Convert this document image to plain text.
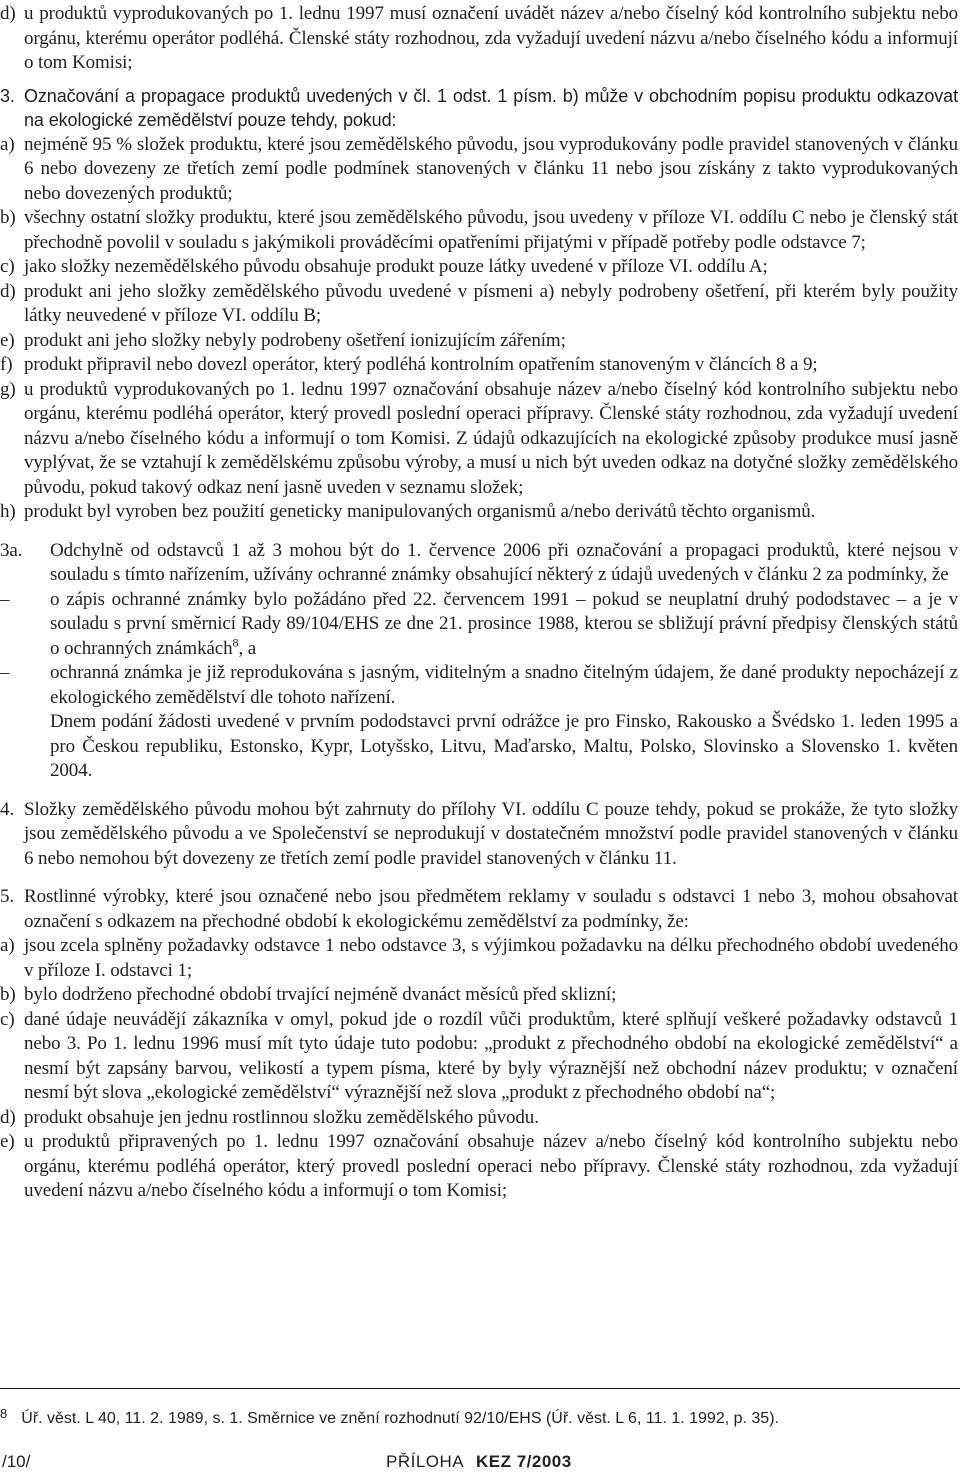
d) u produktů vyprodukovaných po 1. lednu 1997 musí označení uvádět název a/nebo číselný kód kontrolního subjektu nebo orgánu, kterému operátor podléhá. Členské státy rozhodnou, zda vyžadují uvedení názvu a/nebo číselného kódu a informují o tom Komisi;

3. Označování a propagace produktů uvedených v čl. 1 odst. 1 písm. b) může v obchodním popisu produktu odkazovat na ekologické zemědělství pouze tehdy, pokud:

a) nejméně 95 % složek produktu, které jsou zemědělského původu, jsou vyprodukovány podle pravidel stanovených v článku 6 nebo dovezeny ze třetích zemí podle podmínek stanovených v článku 11 nebo jsou získány z takto vyprodukovaných nebo dovezených produktů;

b) všechny ostatní složky produktu, které jsou zemědělského původu, jsou uvedeny v příloze VI. oddílu C nebo je členský stát přechodně povolil v souladu s jakýmikoli prováděcími opatřeními přijatými v případě potřeby podle odstavce 7;

c) jako složky nezemědělského původu obsahuje produkt pouze látky uvedené v příloze VI. oddílu A;

d) produkt ani jeho složky zemědělského původu uvedené v písmeni a) nebyly podrobeny ošetření, při kterém byly použity látky neuvedené v příloze VI. oddílu B;

e) produkt ani jeho složky nebyly podrobeny ošetření ionizujícím zářením;

f) produkt připravil nebo dovezl operátor, který podléhá kontrolním opatřením stanoveným v článcích 8 a 9;

g) u produktů vyprodukovaných po 1. lednu 1997 označování obsahuje název a/nebo číselný kód kontrolního subjektu nebo orgánu, kterému podléhá operátor, který provedl poslední operaci přípravy. Členské státy rozhodnou, zda vyžadují uvedení názvu a/nebo číselného kódu a informují o tom Komisi. Z údajů odkazujících na ekologické způsoby produkce musí jasně vyplývat, že se vztahují k zemědělskému způsobu výroby, a musí u nich být uveden odkaz na dotyčné složky zemědělského původu, pokud takový odkaz není jasně uveden v seznamu složek;

h) produkt byl vyroben bez použití geneticky manipulovaných organismů a/nebo derivátů těchto organismů.

3a. Odchylně od odstavců 1 až 3 mohou být do 1. července 2006 při označování a propagaci produktů, které nejsou v souladu s tímto nařízením, užívány ochranné známky obsahující některý z údajů uvedených v článku 2 za podmínky, že

– o zápis ochranné známky bylo požádáno před 22. červencem 1991 – pokud se neuplatní druhý pododstavec – a je v souladu s první směrnicí Rady 89/104/EHS ze dne 21. prosince 1988, kterou se sbližují právní předpisy členských států o ochranných známkách$^8$, a

– ochranná známka je již reprodukována s jasným, viditelným a snadno čitelným údajem, že dané produkty nepocházejí z ekologického zemědělství dle tohoto nařízení.

Dnem podání žádosti uvedené v prvním pododstavci první odrážce je pro Finsko, Rakousko a Švédsko 1. leden 1995 a pro Českou republiku, Estonsko, Kypr, Lotyšsko, Litvu, Maďarsko, Maltu, Polsko, Slovinsko a Slovensko 1. květen 2004.

4. Složky zemědělského původu mohou být zahrnuty do přílohy VI. oddílu C pouze tehdy, pokud se prokáže, že tyto složky jsou zemědělského původu a ve Společenství se neprodukují v dostatečném množství podle pravidel stanovených v článku 6 nebo nemohou být dovezeny ze třetích zemí podle pravidel stanovených v článku 11.

5. Rostlinné výrobky, které jsou označené nebo jsou předmětem reklamy v souladu s odstavci 1 nebo 3, mohou obsahovat označení s odkazem na přechodné období k ekologickému zemědělství za podmínky, že:

a) jsou zcela splněny požadavky odstavce 1 nebo odstavce 3, s výjimkou požadavku na délku přechodného období uvedeného v příloze I. odstavci 1;

b) bylo dodrženo přechodné období trvající nejméně dvanáct měsíců před sklizní;

c) dané údaje neuvádějí zákazníka v omyl, pokud jde o rozdíl vůči produktům, které splňují veškeré požadavky odstavců 1 nebo 3. Po 1. lednu 1996 musí mít tyto údaje tuto podobu: „produkt z přechodného období na ekologické zemědělství“ a nesmí být zapsány barvou, velikostí a typem písma, které by byly výraznější než obchodní název produktu; v označení nesmí být slova „ekologické zemědělství“ výraznější než slova „produkt z přechodného období na“;

d) produkt obsahuje jen jednu rostlinnou složku zemědělského původu.

e) u produktů připravených po 1. lednu 1997 označování obsahuje název a/nebo číselný kód kontrolního subjektu nebo orgánu, kterému podléhá operátor, který provedl poslední operaci nebo přípravy. Členské státy rozhodnou, zda vyžadují uvedení názvu a/nebo číselného kódu a informují o tom Komisi;

$^8$ Úř. věst. L 40, 11. 2. 1989, s. 1. Směrnice ve znění rozhodnutí 92/10/EHS (Úř. věst. L 6, 11. 1. 1992, p. 35).
/10/	PŘÍLOHA KEZ 7/2003
